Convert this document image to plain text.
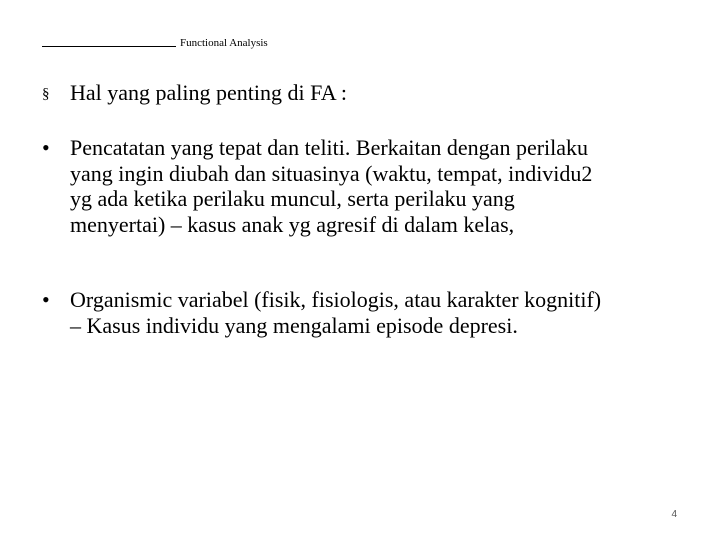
Functional Analysis
§ Hal yang paling penting di FA :
• Pencatatan yang tepat dan teliti. Berkaitan dengan perilaku
yang ingin diubah dan situasinya (waktu, tempat, individu2
yg ada ketika perilaku muncul, serta perilaku yang
menyertai) – kasus anak yg agresif di dalam kelas,
• Organismic variabel (fisik, fisiologis, atau karakter kognitif)
– Kasus individu yang mengalami episode depresi.
4
